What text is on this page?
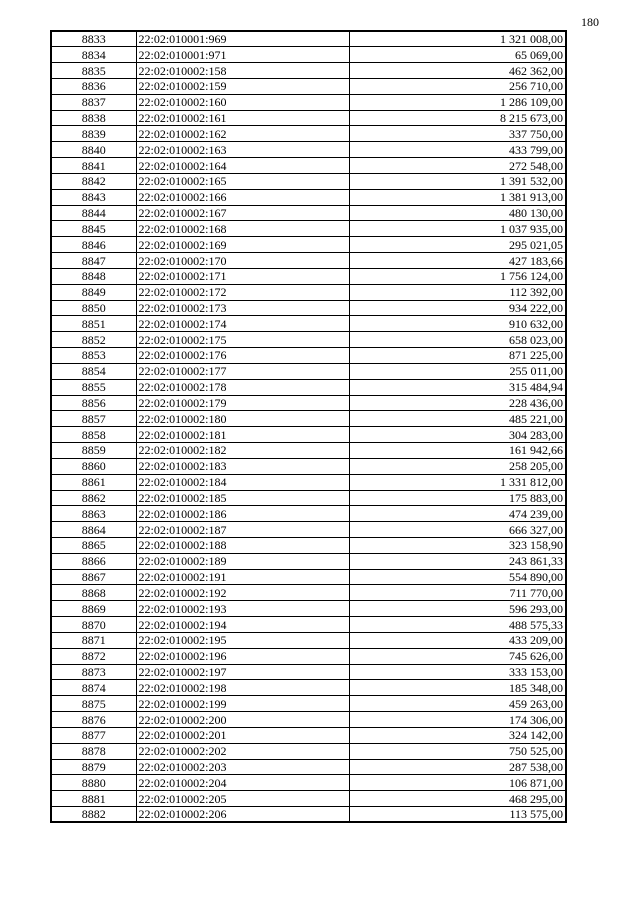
180
8833	22:02:010001:969	1 321 008,00
8834	22:02:010001:971	65 069,00
8835	22:02:010002:158	462 362,00
8836	22:02:010002:159	256 710,00
8837	22:02:010002:160	1 286 109,00
8838	22:02:010002:161	8 215 673,00
8839	22:02:010002:162	337 750,00
8840	22:02:010002:163	433 799,00
8841	22:02:010002:164	272 548,00
8842	22:02:010002:165	1 391 532,00
8843	22:02:010002:166	1 381 913,00
8844	22:02:010002:167	480 130,00
8845	22:02:010002:168	1 037 935,00
8846	22:02:010002:169	295 021,05
8847	22:02:010002:170	427 183,66
8848	22:02:010002:171	1 756 124,00
8849	22:02:010002:172	112 392,00
8850	22:02:010002:173	934 222,00
8851	22:02:010002:174	910 632,00
8852	22:02:010002:175	658 023,00
8853	22:02:010002:176	871 225,00
8854	22:02:010002:177	255 011,00
8855	22:02:010002:178	315 484,94
8856	22:02:010002:179	228 436,00
8857	22:02:010002:180	485 221,00
8858	22:02:010002:181	304 283,00
8859	22:02:010002:182	161 942,66
8860	22:02:010002:183	258 205,00
8861	22:02:010002:184	1 331 812,00
8862	22:02:010002:185	175 883,00
8863	22:02:010002:186	474 239,00
8864	22:02:010002:187	666 327,00
8865	22:02:010002:188	323 158,90
8866	22:02:010002:189	243 861,33
8867	22:02:010002:191	554 890,00
8868	22:02:010002:192	711 770,00
8869	22:02:010002:193	596 293,00
8870	22:02:010002:194	488 575,33
8871	22:02:010002:195	433 209,00
8872	22:02:010002:196	745 626,00
8873	22:02:010002:197	333 153,00
8874	22:02:010002:198	185 348,00
8875	22:02:010002:199	459 263,00
8876	22:02:010002:200	174 306,00
8877	22:02:010002:201	324 142,00
8878	22:02:010002:202	750 525,00
8879	22:02:010002:203	287 538,00
8880	22:02:010002:204	106 871,00
8881	22:02:010002:205	468 295,00
8882	22:02:010002:206	113 575,00
